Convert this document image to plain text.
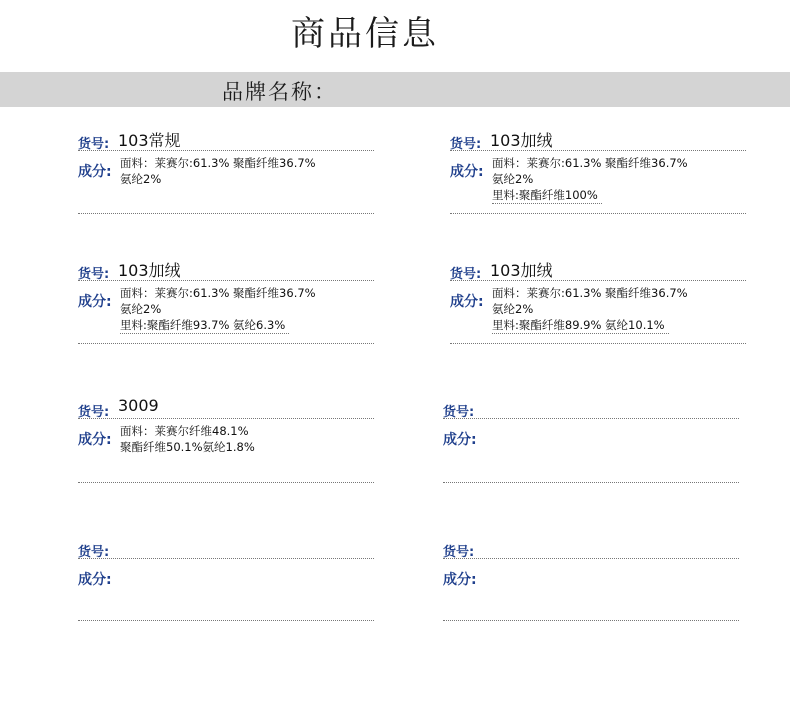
商品信息
品牌名称：
货号: 103常规
成分:
面料：莱赛尔:61.3% 聚酯纤维36.7%
氨纶2%
货号: 103加绒
成分:
面料：莱赛尔:61.3% 聚酯纤维36.7%
氨纶2%
里料:聚酯纤维100%
货号: 103加绒
成分:
面料：莱赛尔:61.3% 聚酯纤维36.7%
氨纶2%
里料:聚酯纤维93.7% 氨纶6.3%
货号: 103加绒
成分:
面料：莱赛尔:61.3% 聚酯纤维36.7%
氨纶2%
里料:聚酯纤维89.9% 氨纶10.1%
货号: 3009
成分:
面料：莱赛尔纤维48.1%
聚酯纤维50.1%氨纶1.8%
货号:
成分:
货号:
成分:
货号:
成分:
